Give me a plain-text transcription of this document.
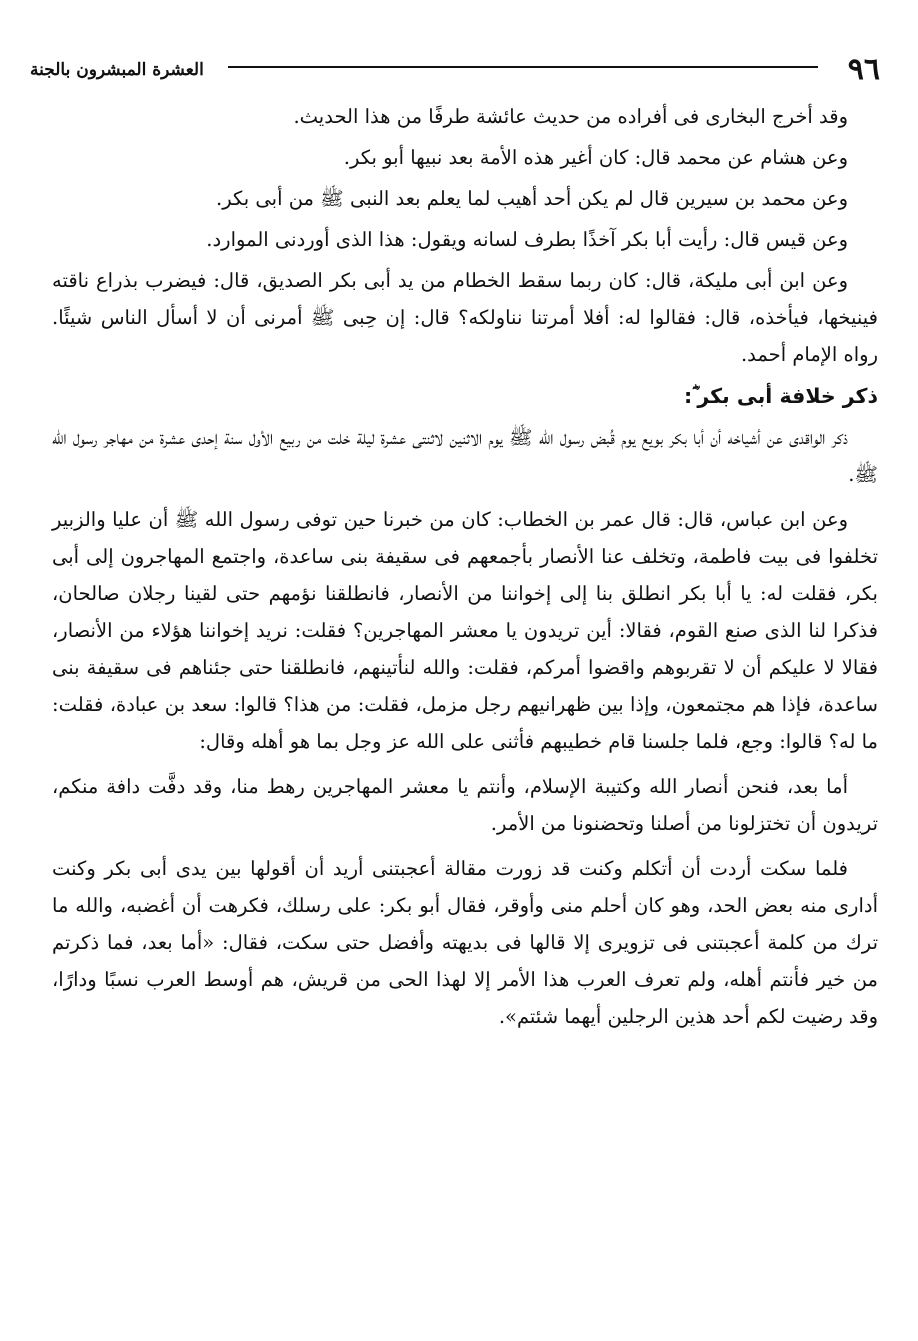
٩٦
العشرة المبشرون بالجنة

وقد أخرج البخارى فى أفراده من حديث عائشة طرفًا من هذا الحديث.

وعن هشام عن محمد قال: كان أغير هذه الأمة بعد نبيها أبو بكر.

وعن محمد بن سيرين قال لم يكن أحد أهيب لما يعلم بعد النبى ﷺ من أبى بكر.

وعن قيس قال: رأيت أبا بكر آخذًا بطرف لسانه ويقول: هذا الذى أوردنى الموارد.

وعن ابن أبى مليكة، قال: كان ربما سقط الخطام من يد أبى بكر الصديق، قال: فيضرب بذراع ناقته فينيخها، فيأخذه، قال: فقالوا له: أفلا أمرتنا نناولكه؟ قال: إن حِبى ﷺ أمرنى أن لا أسأل الناس شيئًا. رواه الإمام أحمد.

ذكر خلافة أبى بكر ؓ:

ذكر الواقدى عن أشياخه أن أبا بكر بويع يوم قُبض رسول الله ﷺ يوم الاثنين لاثنتى عشرة ليلة خلت من ربيع الأول سنة إحدى عشرة من مهاجر رسول الله ﷺ.

وعن ابن عباس، قال: قال عمر بن الخطاب: كان من خبرنا حين توفى رسول الله ﷺ أن عليا والزبير تخلفوا فى بيت فاطمة، وتخلف عنا الأنصار بأجمعهم فى سقيفة بنى ساعدة، واجتمع المهاجرون إلى أبى بكر، فقلت له: يا أبا بكر انطلق بنا إلى إخواننا من الأنصار، فانطلقنا نؤمهم حتى لقينا رجلان صالحان، فذكرا لنا الذى صنع القوم، فقالا: أين تريدون يا معشر المهاجرين؟ فقلت: نريد إخواننا هؤلاء من الأنصار، فقالا لا عليكم أن لا تقربوهم واقضوا أمركم، فقلت: والله لنأتينهم، فانطلقنا حتى جئناهم فى سقيفة بنى ساعدة، فإذا هم مجتمعون، وإذا بين ظهرانيهم رجل مزمل، فقلت: من هذا؟ قالوا: سعد بن عبادة، فقلت: ما له؟ قالوا: وجع، فلما جلسنا قام خطيبهم فأثنى على الله عز وجل بما هو أهله وقال:

أما بعد، فنحن أنصار الله وكتيبة الإسلام، وأنتم يا معشر المهاجرين رهط منا، وقد دفَّت دافة منكم، تريدون أن تختزلونا من أصلنا وتحضنونا من الأمر.

فلما سكت أردت أن أتكلم وكنت قد زورت مقالة أعجبتنى أريد أن أقولها بين يدى أبى بكر وكنت أدارى منه بعض الحد، وهو كان أحلم منى وأوقر، فقال أبو بكر: على رسلك، فكرهت أن أغضبه، والله ما ترك من كلمة أعجبتنى فى تزويرى إلا قالها فى بديهته وأفضل حتى سكت، فقال: «أما بعد، فما ذكرتم من خير فأنتم أهله، ولم تعرف العرب هذا الأمر إلا لهذا الحى من قريش، هم أوسط العرب نسبًا ودارًا، وقد رضيت لكم أحد هذين الرجلين أيهما شئتم».
